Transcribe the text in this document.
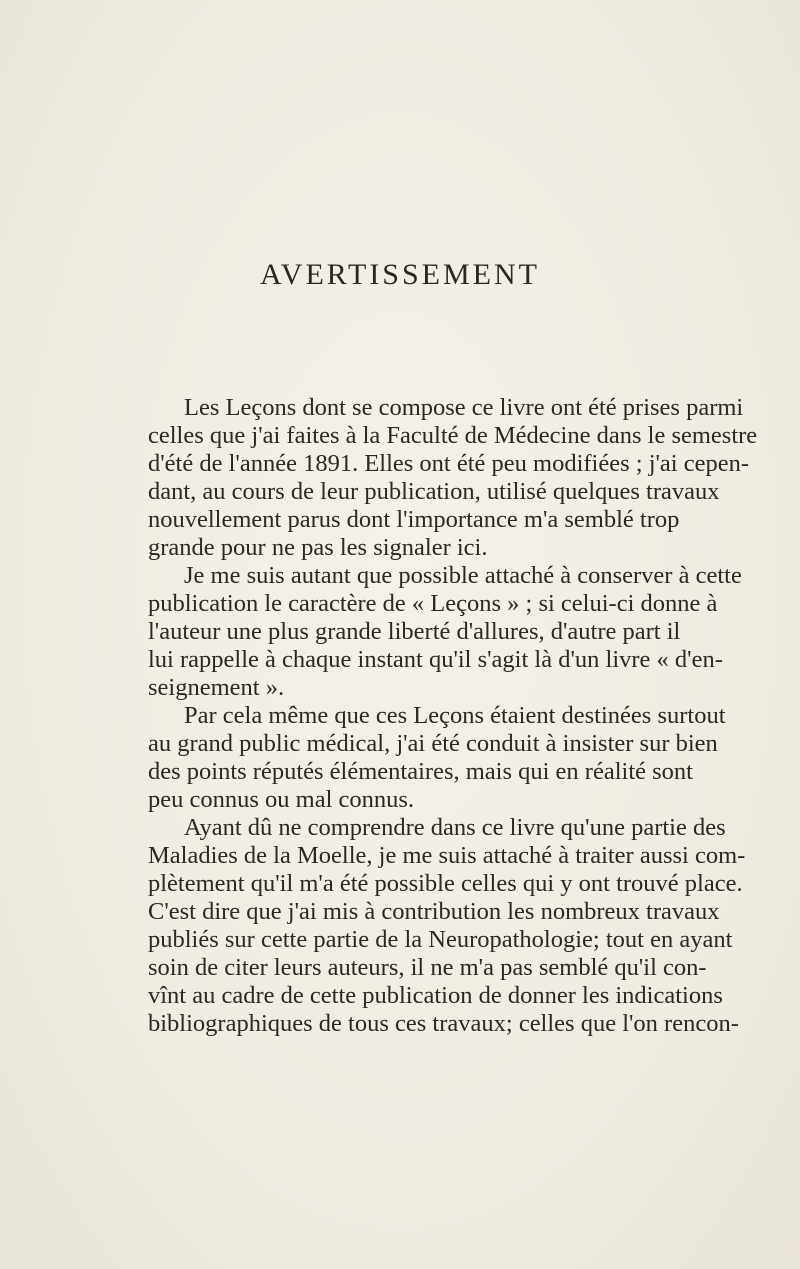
AVERTISSEMENT
Les Leçons dont se compose ce livre ont été prises parmi
celles que j'ai faites à la Faculté de Médecine dans le semestre
d'été de l'année 1891. Elles ont été peu modifiées ; j'ai cepen-
dant, au cours de leur publication, utilisé quelques travaux
nouvellement parus dont l'importance m'a semblé trop
grande pour ne pas les signaler ici.
Je me suis autant que possible attaché à conserver à cette
publication le caractère de « Leçons » ; si celui-ci donne à
l'auteur une plus grande liberté d'allures, d'autre part il
lui rappelle à chaque instant qu'il s'agit là d'un livre « d'en-
seignement ».
Par cela même que ces Leçons étaient destinées surtout
au grand public médical, j'ai été conduit à insister sur bien
des points réputés élémentaires, mais qui en réalité sont
peu connus ou mal connus.
Ayant dû ne comprendre dans ce livre qu'une partie des
Maladies de la Moelle, je me suis attaché à traiter aussi com-
plètement qu'il m'a été possible celles qui y ont trouvé place.
C'est dire que j'ai mis à contribution les nombreux travaux
publiés sur cette partie de la Neuropathologie; tout en ayant
soin de citer leurs auteurs, il ne m'a pas semblé qu'il con-
vînt au cadre de cette publication de donner les indications
bibliographiques de tous ces travaux; celles que l'on rencon-
